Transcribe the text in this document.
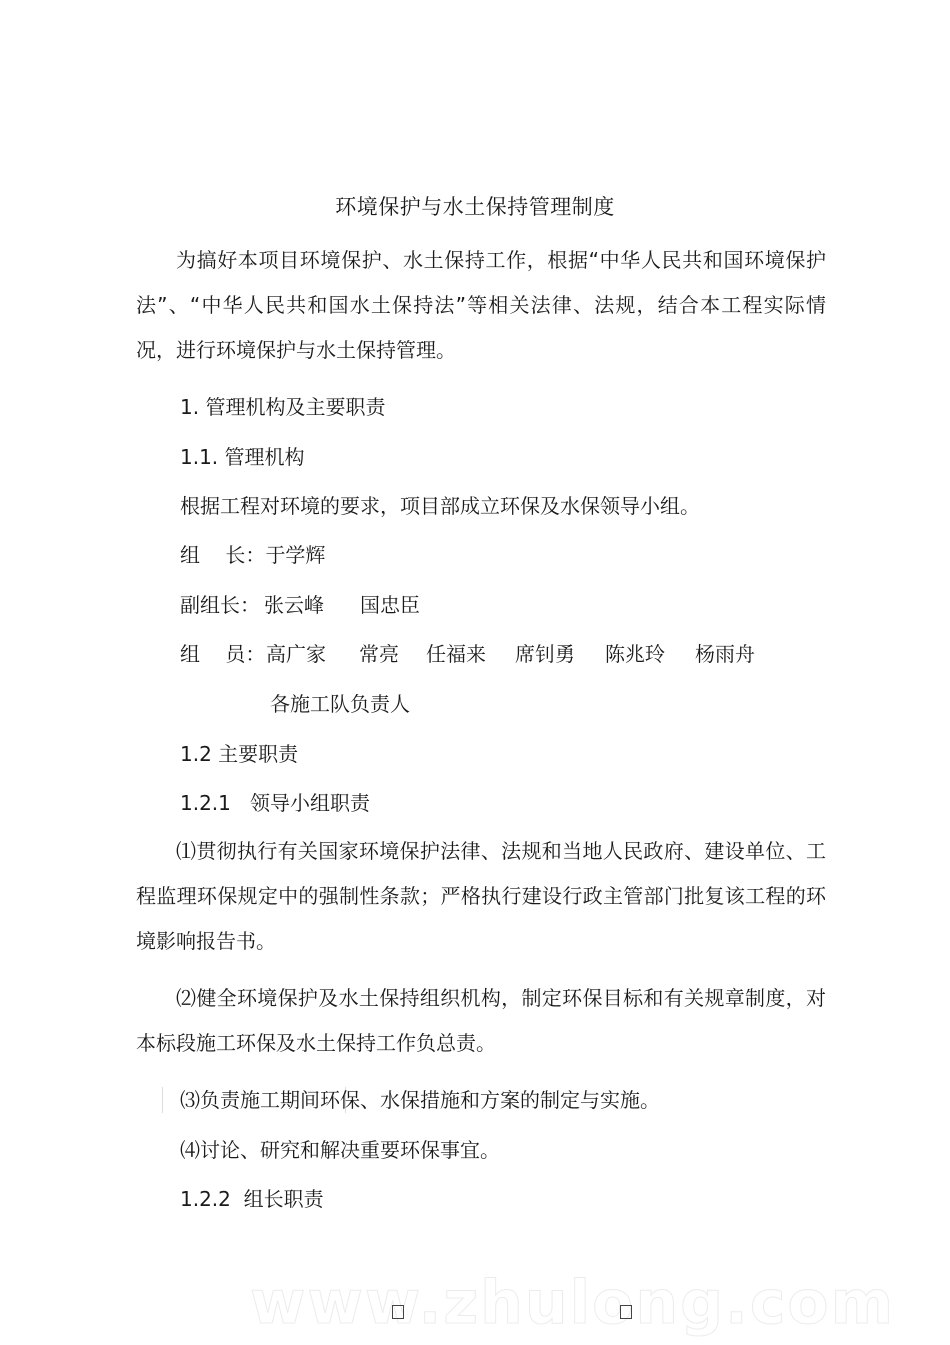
环境保护与水土保持管理制度

为搞好本项目环境保护、水土保持工作，根据“中华人民共和国环境保护法”、“中华人民共和国水土保持法”等相关法律、法规，结合本工程实际情况，进行环境保护与水土保持管理。

1. 管理机构及主要职责
1.1. 管理机构
根据工程对环境的要求，项目部成立环保及水保领导小组。
组    长：于学辉
副组长： 张云峰 国忠臣
组    员： 高广家 常亮 任福来 席钊勇 陈兆玲 杨雨舟
各施工队负责人
1.2 主要职责
1.2.1   领导小组职责

⑴贯彻执行有关国家环境保护法律、法规和当地人民政府、建设单位、工程监理环保规定中的强制性条款；严格执行建设行政主管部门批复该工程的环境影响报告书。

⑵健全环境保护及水土保持组织机构，制定环保目标和有关规章制度，对本标段施工环保及水土保持工作负总责。

⑶负责施工期间环保、水保措施和方案的制定与实施。
⑷讨论、研究和解决重要环保事宜。
1.2.2  组长职责
www.zhulong.com
